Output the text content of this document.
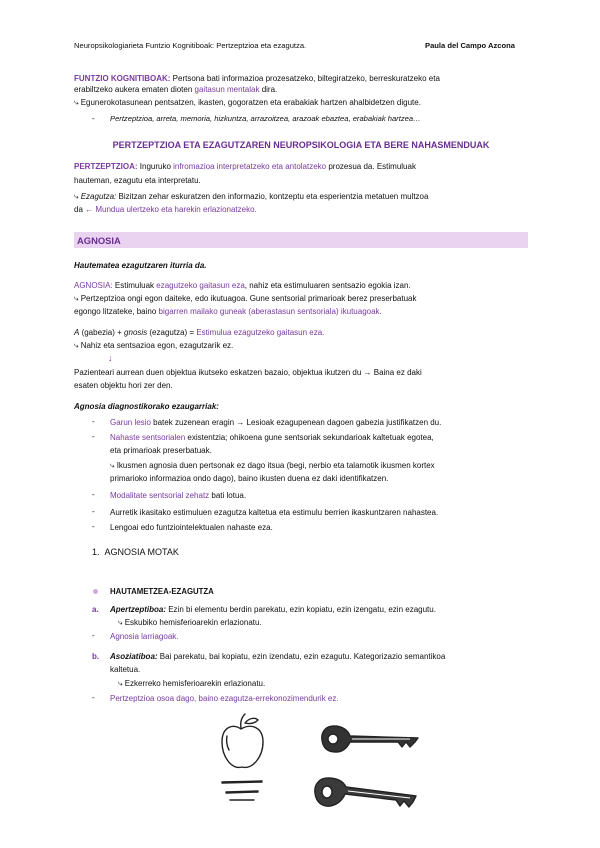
Neuropsikologiarieta Funtzio Kognitiboak: Pertzeptzioa eta ezagutza.	Paula del Campo Azcona
FUNTZIO KOGNITIBOAK: Pertsona bati informazioa prozesatzeko, biltegiratzeko, berreskuratzeko eta
erabiltzeko aukera ematen dioten gaitasun mentalak dira.
⤷ Egunerokotasunean pentsatzen, ikasten, gogoratzen eta erabakiak hartzen ahalbidetzen digute.
- Pertzeptzioa, arreta, memoria, hizkuntza, arrazoitzea, arazoak ebaztea, erabakiak hartzea…
PERTZEPTZIOA ETA EZAGUTZAREN NEUROPSIKOLOGIA ETA BERE NAHASMENDUAK
PERTZEPTZIOA: Inguruko infromazioa interpretatzeko eta antolatzeko prozesua da. Estimuluak
hauteman, ezagutu eta interpretatu.
⤷ Ezagutza: Bizitzan zehar eskuratzen den informazio, kontzeptu eta esperientzia metatuen multzoa
da ← Mundua ulertzeko eta harekin erlazionatzeko.
AGNOSIA
Hautematea ezagutzaren iturria da.
AGNOSIA: Estimuluak ezagutzeko gaitasun eza, nahiz eta estimuluaren sentsazio egokia izan.
⤷ Pertzeptzioa ongi egon daiteke, edo ikutuagoa. Gune sentsorial primarioak berez preserbatuak
egongo litzateke, baino bigarren mailako guneak (aberastasun sentsoriala) ikutuagoak.
A (gabezia) + gnosis (ezagutza) = Estimulua ezagutzeko gaitasun eza.
⤷ Nahiz eta sentsazioa egon, ezagutzarik ez.
↓
Pazienteari aurrean duen objektua ikutseko eskatzen bazaio, objektua ikutzen du → Baina ez daki
esaten objektu hori zer den.
Agnosia diagnostikorako ezaugarriak:
- Garun lesio batek zuzenean eragin → Lesioak ezagupenean dagoen gabezia justifikatzen du.
- Nahaste sentsorialen existentzia; ohikoena gune sentsoriak sekundarioak kaltetuak egotea,
eta primarioak preserbatuak.
⤷ Ikusmen agnosia duen pertsonak ez dago itsua (begi, nerbio eta talamotik ikusmen kortex
primarioko informazioa ondo dago), baino ikusten duena ez daki identifikatzen.
- Modalitate sentsorial zehatz bati lotua.
- Aurretik ikasitako estimuluen ezagutza kaltetua eta estimulu berrien ikaskuntzaren nahastea.
- Lengoai edo funtziointelektualen nahaste eza.
1. AGNOSIA MOTAK
HAUTAMETZEA-EZAGUTZA
a. Apertzeptiboa: Ezin bi elementu berdin parekatu, ezin kopiatu, ezin izengatu, ezin ezagutu.
⤷ Eskubiko hemisferioarekin erlazionatu.
- Agnosia larriagoak.
b. Asoziatiboa: Bai parekatu, bai kopiatu, ezin izendatu, ezin ezagutu. Kategorizazio semantikoa
kaltetua.
⤷ Ezkerreko hemisferioarekin erlazionatu.
- Pertzeptzioa osoa dago, baino ezagutza-errekonozimendurik ez.
